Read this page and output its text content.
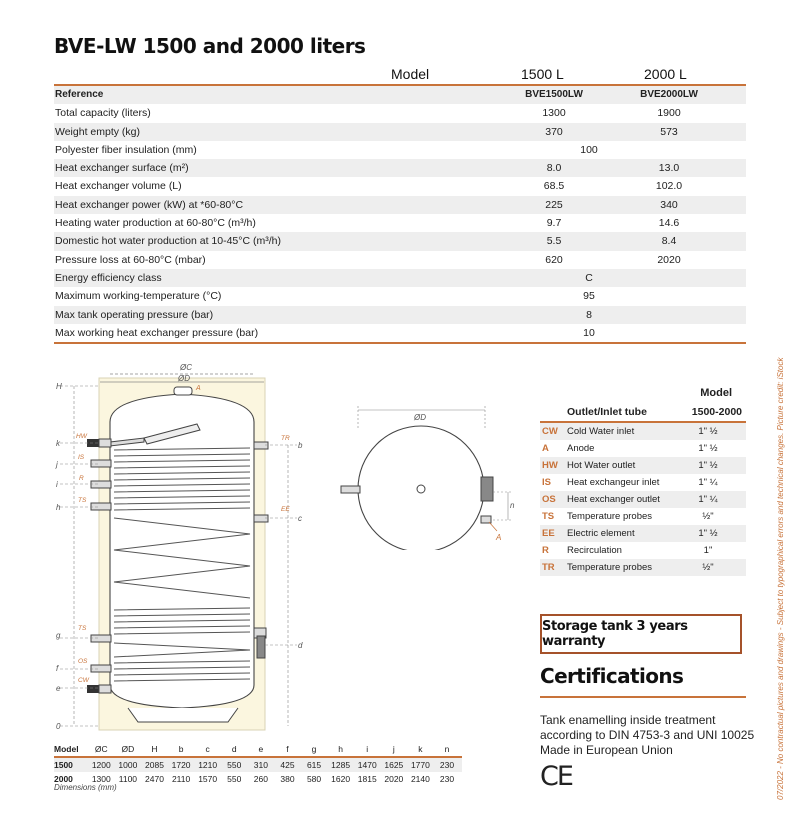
BVE-LW 1500 and 2000 liters
Model	1500 L	2000 L
Reference	BVE1500LW	BVE2000LW
Total capacity (liters)	1300	1900
Weight empty (kg)	370	573
Polyester fiber insulation (mm)	100
Heat exchanger surface (m²)	8.0	13.0
Heat exchanger volume (L)	68.5	102.0
Heat exchanger power (kW) at *60-80°C	225	340
Heating water production at 60-80°C (m³/h)	9.7	14.6
Domestic hot water production at 10-45°C (m³/h)	5.5	8.4
Pressure loss at 60-80°C (mbar)	620	2020
Energy efficiency class	C
Maximum working-temperature (°C)	95
Max tank operating pressure (bar)	8
Max working heat exchanger pressure (bar)	10
H
k
j
i
h
g
f
e
0
b
c
d
ØC
ØD
A
HW
IS
R
TS
TS
OS
CW
TR
EE
ØD
n
A
Model	ØC	ØD	H	b	c	d	e	f	g	h	i	j	k	n
1500	1200 1000 2085 1720 1210	550	310	425	615	1285 1470 1625 1770	230
2000	1300 1100 2470 2110 1570	550	260	380	580	1620 1815 2020 2140	230
Dimensions (mm)
Model
Outlet/Inlet tube	1500-2000
CW Cold Water inlet	1" ½
A Anode	1" ½
HW Hot Water outlet	1" ½
IS Heat exchangeur inlet	1" ¼
OS Heat exchanger outlet	1" ¼
TS Temperature probes	½"
EE Electric element	1" ½
R Recirculation	1"
TR Temperature probes	½"
Storage tank 3 years warranty
Certifications
Tank enamelling inside treatment
according to DIN 4753-3 and UNI 10025
Made in European Union
CE	07/2022 - No contractual pictures and drawings - Subject to typographical errors and technical changes. Picture credit: iStock
